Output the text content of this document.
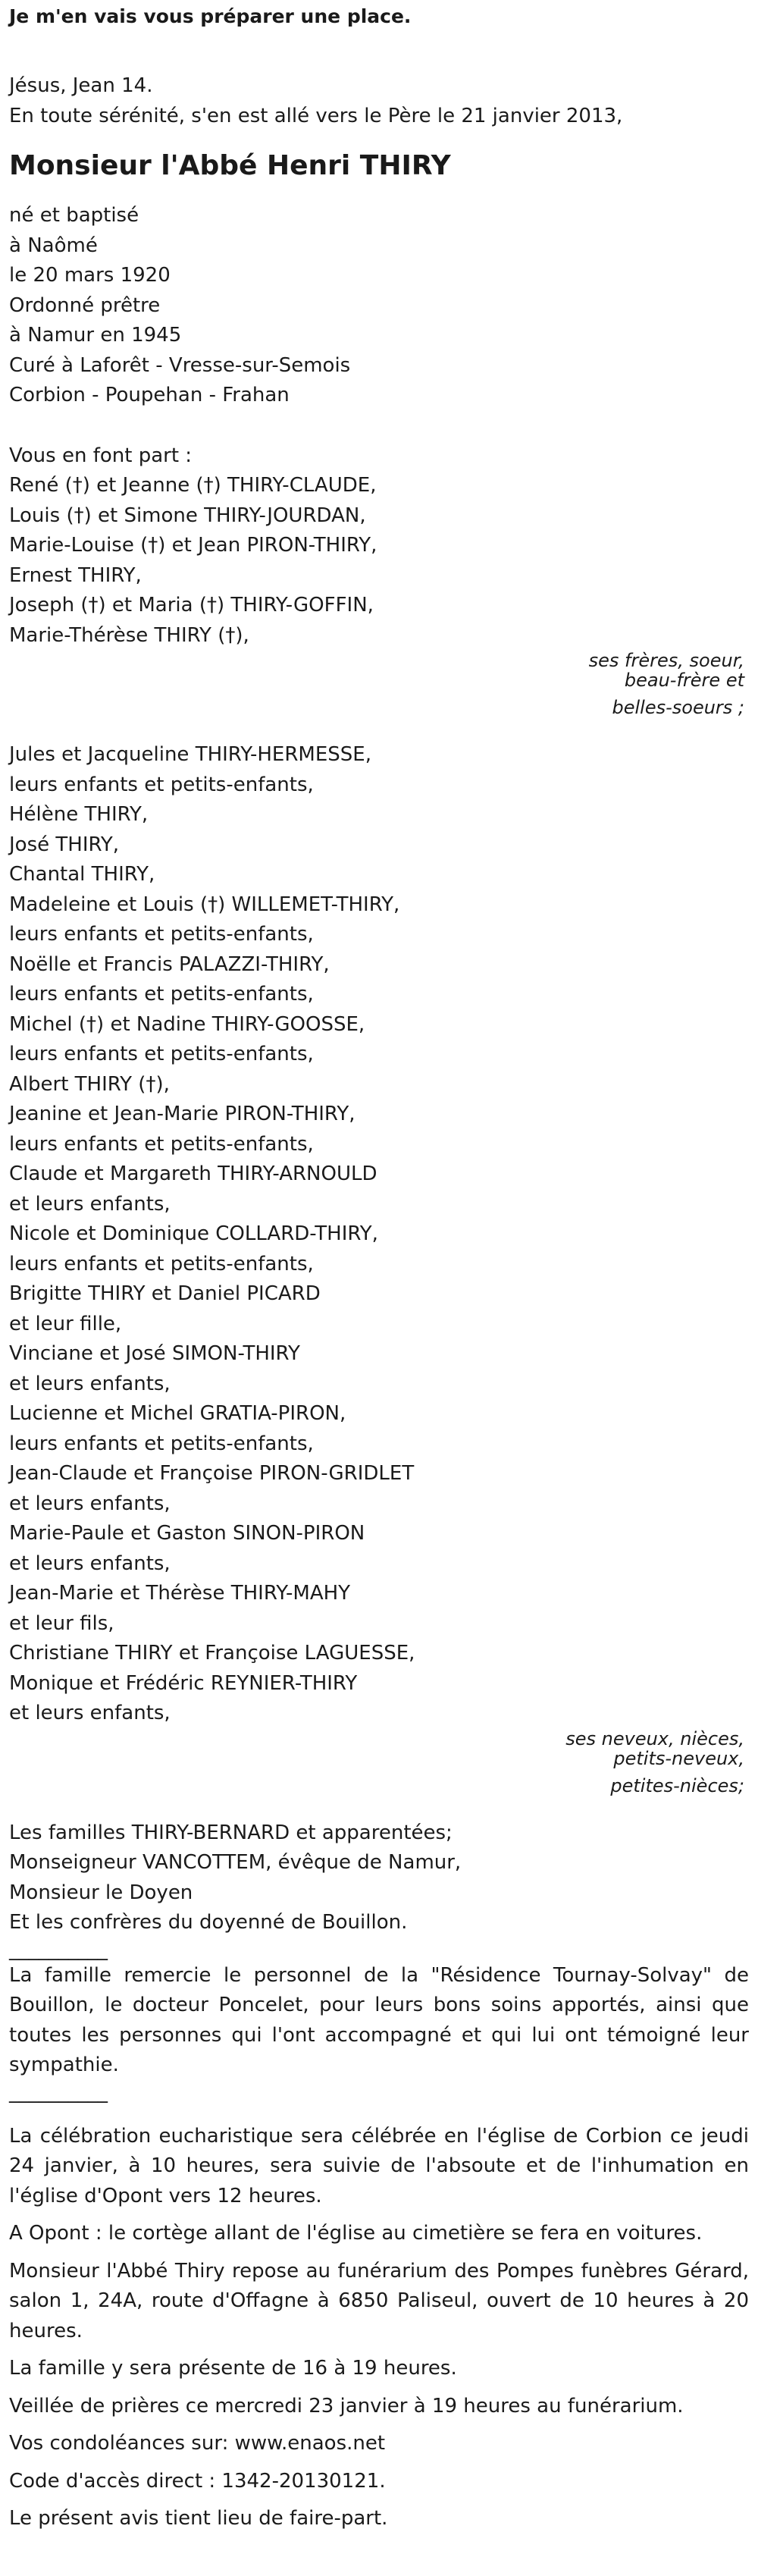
Je m'en vais vous préparer une place.
Jésus, Jean 14.
En toute sérénité, s'en est allé vers le Père le 21 janvier 2013,
Monsieur l'Abbé Henri THIRY
né et baptisé
à Naômé
le 20 mars 1920
Ordonné prêtre
à Namur en 1945
Curé à Laforêt - Vresse-sur-Semois
Corbion - Poupehan - Frahan
Vous en font part :
René (†) et Jeanne (†) THIRY-CLAUDE,
Louis (†) et Simone THIRY-JOURDAN,
Marie-Louise (†) et Jean PIRON-THIRY,
Ernest THIRY,
Joseph (†) et Maria (†) THIRY-GOFFIN,
Marie-Thérèse THIRY (†),
ses frères, soeur,
beau-frère et
belles-soeurs ;
Jules et Jacqueline THIRY-HERMESSE,
leurs enfants et petits-enfants,
Hélène THIRY,
José THIRY,
Chantal THIRY,
Madeleine et Louis (†) WILLEMET-THIRY,
leurs enfants et petits-enfants,
Noëlle et Francis PALAZZI-THIRY,
leurs enfants et petits-enfants,
Michel (†) et Nadine THIRY-GOOSSE,
leurs enfants et petits-enfants,
Albert THIRY (†),
Jeanine et Jean-Marie PIRON-THIRY,
leurs enfants et petits-enfants,
Claude et Margareth THIRY-ARNOULD
et leurs enfants,
Nicole et Dominique COLLARD-THIRY,
leurs enfants et petits-enfants,
Brigitte THIRY et Daniel PICARD
et leur fille,
Vinciane et José SIMON-THIRY
et leurs enfants,
Lucienne et Michel GRATIA-PIRON,
leurs enfants et petits-enfants,
Jean-Claude et Françoise PIRON-GRIDLET
et leurs enfants,
Marie-Paule et Gaston SINON-PIRON
et leurs enfants,
Jean-Marie et Thérèse THIRY-MAHY
et leur fils,
Christiane THIRY et Françoise LAGUESSE,
Monique et Frédéric REYNIER-THIRY
et leurs enfants,
ses neveux, nièces,
petits-neveux,
petites-nièces;
Les familles THIRY-BERNARD et apparentées;
Monseigneur VANCOTTEM, évêque de Namur,
Monsieur le Doyen
Et les confrères du doyenné de Bouillon.
__________
La famille remercie le personnel de la "Résidence Tournay-Solvay" de Bouillon, le docteur Poncelet, pour leurs bons soins apportés, ainsi que toutes les personnes qui l'ont accompagné et qui lui ont témoigné leur sympathie.
__________
La célébration eucharistique sera célébrée en l'église de Corbion ce jeudi 24 janvier, à 10 heures, sera suivie de l'absoute et de l'inhumation en l'église d'Opont vers 12 heures.
A Opont : le cortège allant de l'église au cimetière se fera en voitures.
Monsieur l'Abbé Thiry repose au funérarium des Pompes funèbres Gérard, salon 1, 24A, route d'Offagne à 6850 Paliseul, ouvert de 10 heures à 20 heures.
La famille y sera présente de 16 à 19 heures.
Veillée de prières ce mercredi 23 janvier à 19 heures au funérarium.
Vos condoléances sur: www.enaos.net
Code d'accès direct : 1342-20130121.
Le présent avis tient lieu de faire-part.
